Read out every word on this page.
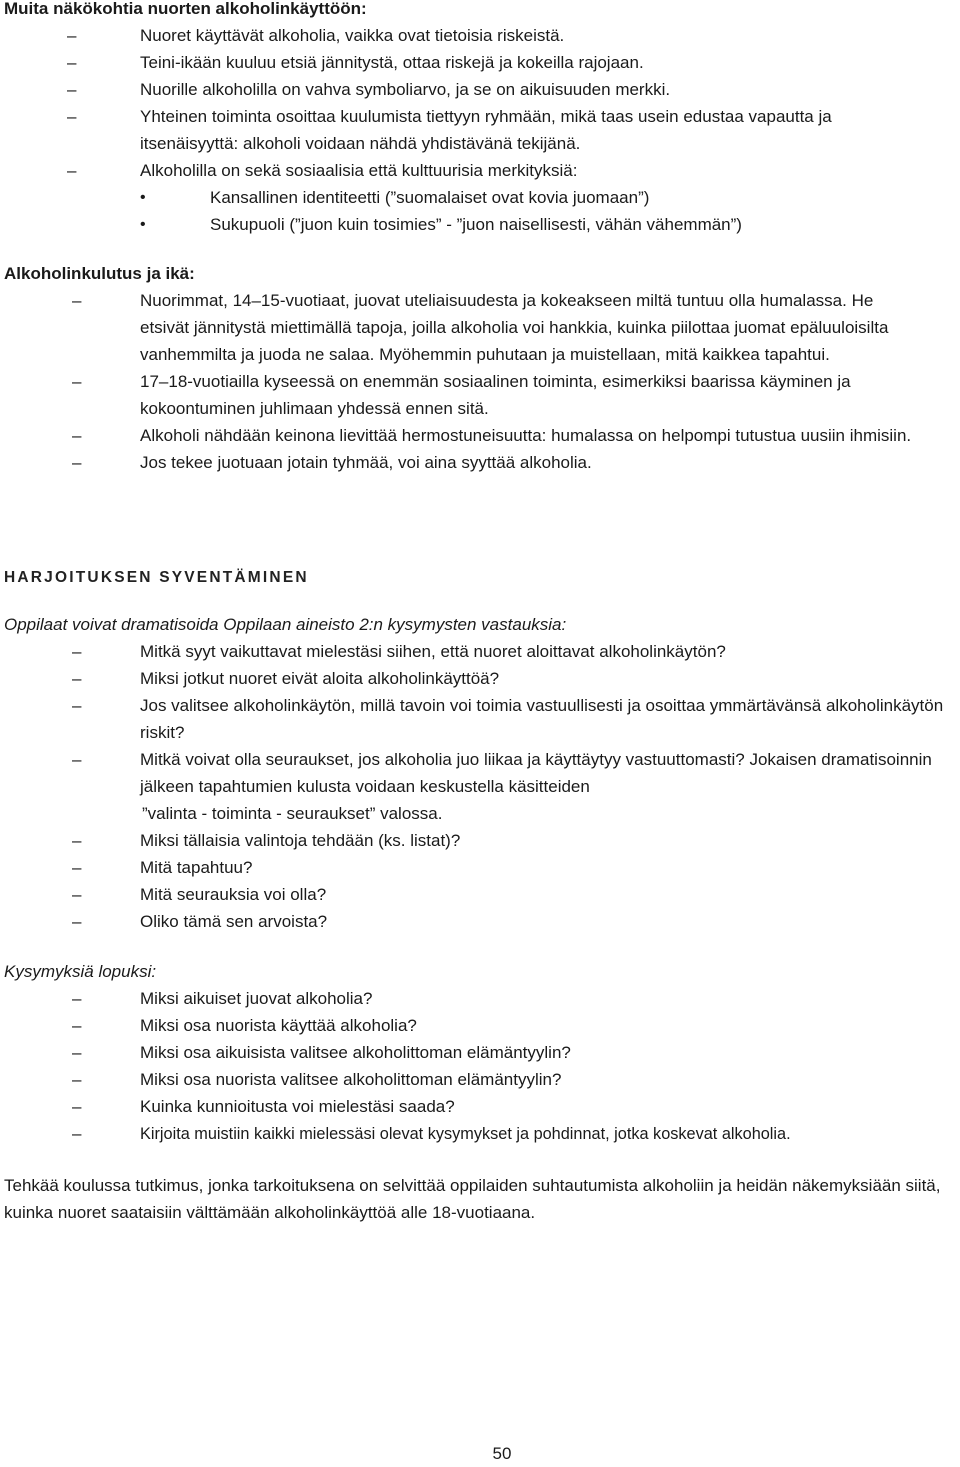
Muita näkökohtia nuorten alkoholinkäyttöön:
–	Nuoret käyttävät alkoholia, vaikka ovat tietoisia riskeistä.
–	Teini-ikään kuuluu etsiä jännitystä, ottaa riskejä ja kokeilla rajojaan.
–	Nuorille alkoholilla on vahva symboliarvo, ja se on aikuisuuden merkki.
–	Yhteinen toiminta osoittaa kuulumista tiettyyn ryhmään, mikä taas usein edustaa vapautta ja itsenäisyyttä: alkoholi voidaan nähdä yhdistävänä tekijänä.
–	Alkoholilla on sekä sosiaalisia että kulttuurisia merkityksiä:
•	Kansallinen identiteetti (”suomalaiset ovat kovia juomaan”)
•	Sukupuoli (”juon kuin tosimies” - ”juon naisellisesti, vähän vähemmän”)
Alkoholinkulutus ja ikä:
–	Nuorimmat, 14–15-vuotiaat, juovat uteliaisuudesta ja kokeakseen miltä tuntuu olla humalassa. He etsivät jännitystä miettimällä tapoja, joilla alkoholia voi hankkia, kuinka piilottaa juomat epäluuloisilta vanhemmilta ja juoda ne salaa. Myöhemmin puhutaan ja muistellaan, mitä kaikkea tapahtui.
–	17–18-vuotiailla kyseessä on enemmän sosiaalinen toiminta, esimerkiksi baarissa käyminen ja kokoontuminen juhlimaan yhdessä ennen sitä.
–	Alkoholi nähdään keinona lievittää hermostuneisuutta: humalassa on helpompi tutustua uusiin ihmisiin.
–	Jos tekee juotuaan jotain tyhmää, voi aina syyttää alkoholia.
HARJOITUKSEN SYVENTÄMINEN
Oppilaat voivat dramatisoida Oppilaan aineisto 2:n kysymysten vastauksia:
–	Mitkä syyt vaikuttavat mielestäsi siihen, että nuoret aloittavat alkoholinkäytön?
–	Miksi jotkut nuoret eivät aloita alkoholinkäyttöä?
–	Jos valitsee alkoholinkäytön, millä tavoin voi toimia vastuullisesti ja osoittaa ymmärtävänsä alkoholinkäytön riskit?
–	Mitkä voivat olla seuraukset, jos alkoholia juo liikaa ja käyttäytyy vastuuttomasti? Jokaisen dramatisoinnin jälkeen tapahtumien kulusta voidaan keskustella käsitteiden
”valinta - toiminta - seuraukset” valossa.
–	Miksi tällaisia valintoja tehdään (ks. listat)?
–	Mitä tapahtuu?
–	Mitä seurauksia voi olla?
–	Oliko tämä sen arvoista?
Kysymyksiä lopuksi:
–	Miksi aikuiset juovat alkoholia?
–	Miksi osa nuorista käyttää alkoholia?
–	Miksi osa aikuisista valitsee alkoholittoman elämäntyylin?
–	Miksi osa nuorista valitsee alkoholittoman elämäntyylin?
–	Kuinka kunnioitusta voi mielestäsi saada?
–	Kirjoita muistiin kaikki mielessäsi olevat kysymykset ja pohdinnat, jotka koskevat alkoholia.
Tehkää koulussa tutkimus, jonka tarkoituksena on selvittää oppilaiden suhtautumista alkoholiin ja heidän näkemyksiään siitä, kuinka nuoret saataisiin välttämään alkoholinkäyttöä alle 18-vuotiaana.
50
